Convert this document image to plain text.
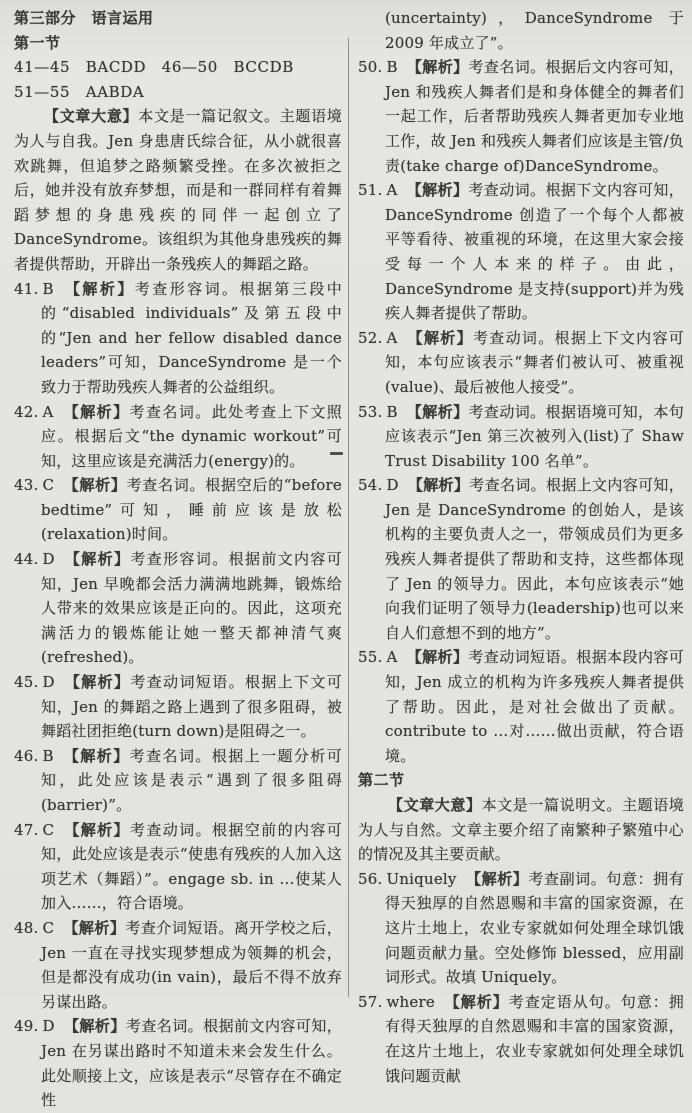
第三部分　语言运用

第一节

41—45　BACDD　46—50　BCCDB

51—55　AABDA

【文章大意】本文是一篇记叙文。主题语境为人与自我。Jen 身患唐氏综合征，从小就很喜欢跳舞，但追梦之路频繁受挫。在多次被拒之后，她并没有放弃梦想，而是和一群同样有着舞蹈梦想的身患残疾的同伴一起创立了 DanceSyndrome。该组织为其他身患残疾的舞者提供帮助，开辟出一条残疾人的舞蹈之路。

41. B 【解析】考查形容词。根据第三段中的“disabled individuals”及第五段中的“Jen and her fellow disabled dance leaders”可知，DanceSyndrome 是一个致力于帮助残疾人舞者的公益组织。

42. A 【解析】考查名词。此处考查上下文照应。根据后文“the dynamic workout”可知，这里应该是充满活力(energy)的。

43. C 【解析】考查名词。根据空后的“before bedtime”可知，睡前应该是放松(relaxation)时间。

44. D 【解析】考查形容词。根据前文内容可知，Jen 早晚都会活力满满地跳舞，锻炼给人带来的效果应该是正向的。因此，这项充满活力的锻炼能让她一整天都神清气爽(refreshed)。

45. D 【解析】考查动词短语。根据上下文可知，Jen 的舞蹈之路上遇到了很多阻碍，被舞蹈社团拒绝(turn down)是阻碍之一。

46. B 【解析】考查名词。根据上一题分析可知，此处应该是表示“遇到了很多阻碍(barrier)”。

47. C 【解析】考查动词。根据空前的内容可知，此处应该是表示“使患有残疾的人加入这项艺术（舞蹈）”。engage sb. in …使某人加入……，符合语境。

48. C 【解析】考查介词短语。离开学校之后，Jen 一直在寻找实现梦想成为领舞的机会，但是都没有成功(in vain)，最后不得不放弃另谋出路。

49. D 【解析】考查名词。根据前文内容可知，Jen 在另谋出路时不知道未来会发生什么。此处顺接上文，应该是表示“尽管存在不确定性

(uncertainty)，DanceSyndrome 于 2009 年成立了”。

50. B 【解析】考查名词。根据后文内容可知，Jen 和残疾人舞者们是和身体健全的舞者们一起工作，后者帮助残疾人舞者更加专业地工作，故 Jen 和残疾人舞者们应该是主管/负责(take charge of)DanceSyndrome。

51. A 【解析】考查动词。根据下文内容可知，DanceSyndrome 创造了一个每个人都被平等看待、被重视的环境，在这里大家会接受每一个人本来的样子。由此，DanceSyndrome 是支持(support)并为残疾人舞者提供了帮助。

52. A 【解析】考查动词。根据上下文内容可知，本句应该表示“舞者们被认可、被重视(value)、最后被他人接受”。

53. B 【解析】考查动词。根据语境可知，本句应该表示“Jen 第三次被列入(list)了 Shaw Trust Disability 100 名单”。

54. D 【解析】考查名词。根据上文内容可知，Jen 是 DanceSyndrome 的创始人，是该机构的主要负责人之一，带领成员们为更多残疾人舞者提供了帮助和支持，这些都体现了 Jen 的领导力。因此，本句应该表示“她向我们证明了领导力(leadership)也可以来自人们意想不到的地方”。

55. A 【解析】考查动词短语。根据本段内容可知，Jen 成立的机构为许多残疾人舞者提供了帮助。因此，是对社会做出了贡献。contribute to …对……做出贡献，符合语境。

第二节

【文章大意】本文是一篇说明文。主题语境为人与自然。文章主要介绍了南繁种子繁殖中心的情况及其主要贡献。

56. Uniquely 【解析】考查副词。句意：拥有得天独厚的自然恩赐和丰富的国家资源，在这片土地上，农业专家就如何处理全球饥饿问题贡献力量。空处修饰 blessed，应用副词形式。故填 Uniquely。

57. where 【解析】考查定语从句。句意：拥有得天独厚的自然恩赐和丰富的国家资源，在这片土地上，农业专家就如何处理全球饥饿问题贡献
